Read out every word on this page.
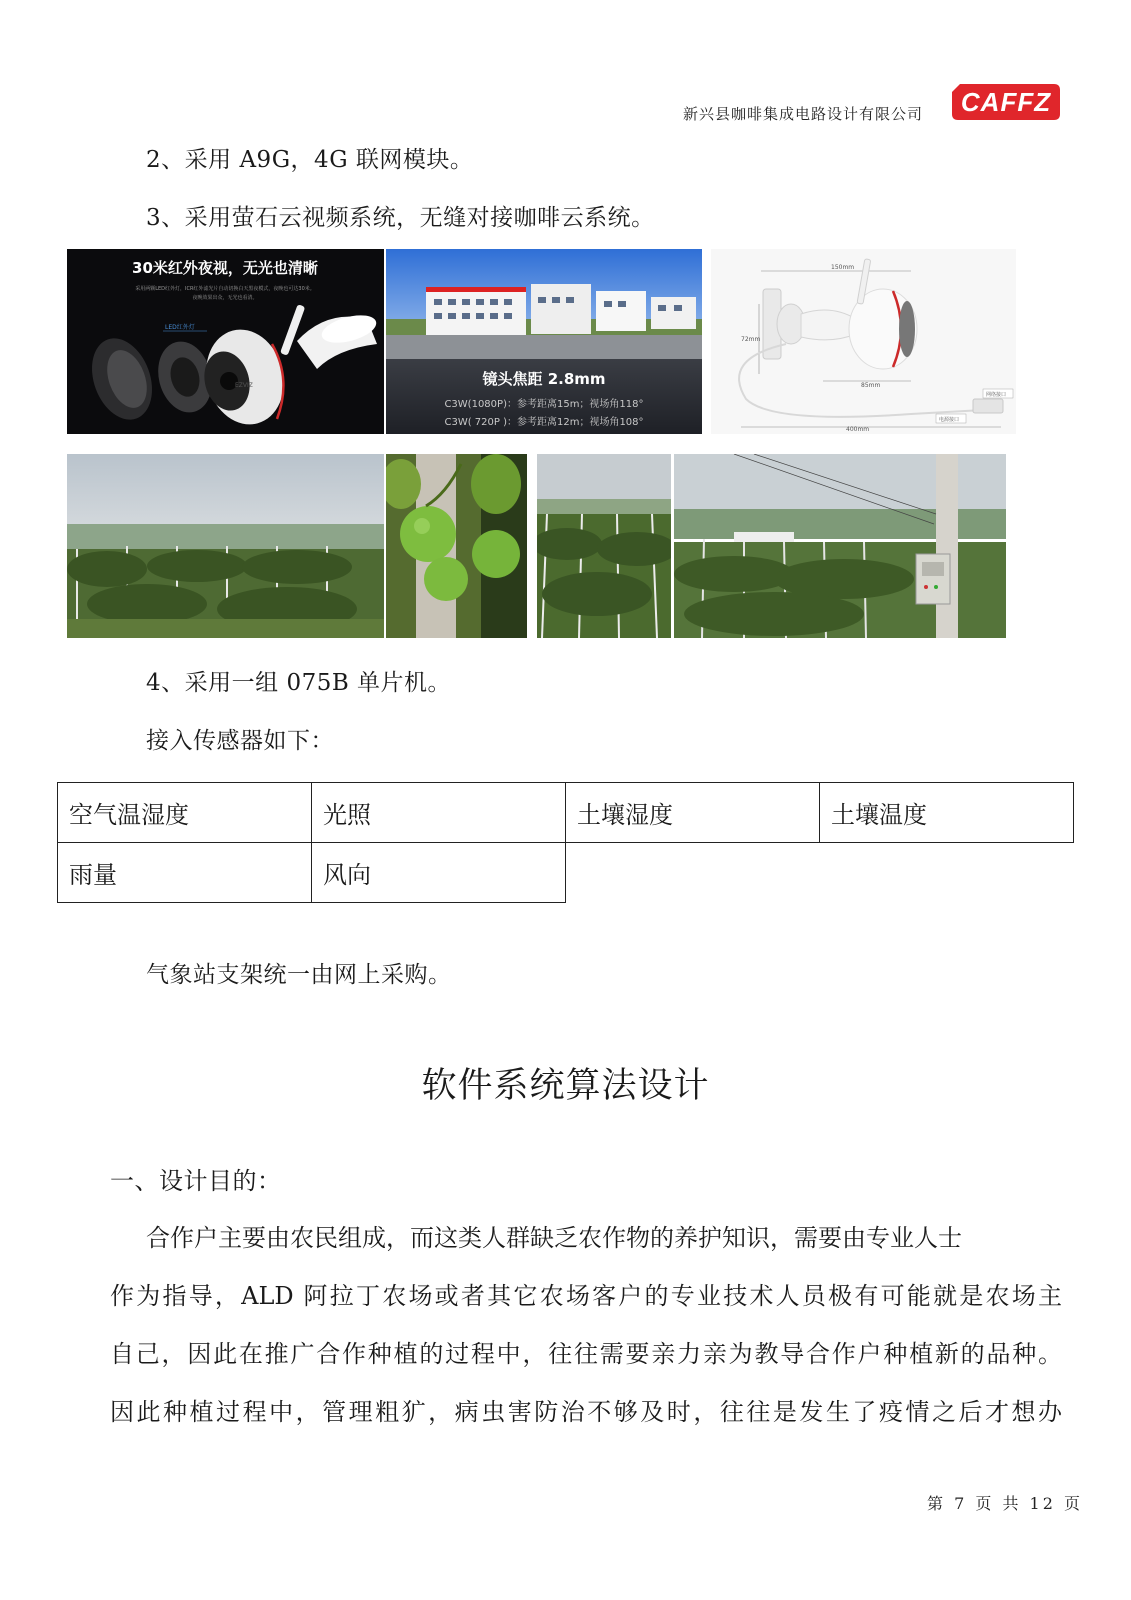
新兴县咖啡集成电路设计有限公司 CAFFZ
2、采用 A9G，4G 联网模块。
3、采用萤石云视频系统，无缝对接咖啡云系统。
30米红外夜视，无光也清晰
采用两颗LED红外灯，ICR红外滤光片自动切换白天黑夜模式，夜晚也可达30米。
夜晚效果出众，无光也看清。
LED红外灯
EZVIZ	镜头焦距 2.8mm
C3W(1080P)：参考距离15m；视场角118°
C3W( 720P )：参考距离12m；视场角108°
150mm
72mm
85mm
400mm
网络接口
电源接口
4、采用一组 075B 单片机。
接入传感器如下：
空气温湿度	光照	土壤湿度	土壤温度
雨量	风向		
气象站支架统一由网上采购。
软件系统算法设计
一、设计目的：
合作户主要由农民组成，而这类人群缺乏农作物的养护知识，需要由专业人士
作为指导，ALD 阿拉丁农场或者其它农场客户的专业技术人员极有可能就是农场主
自己，因此在推广合作种植的过程中，往往需要亲力亲为教导合作户种植新的品种。
因此种植过程中，管理粗犷，病虫害防治不够及时，往往是发生了疫情之后才想办
第 7 页 共 12 页
